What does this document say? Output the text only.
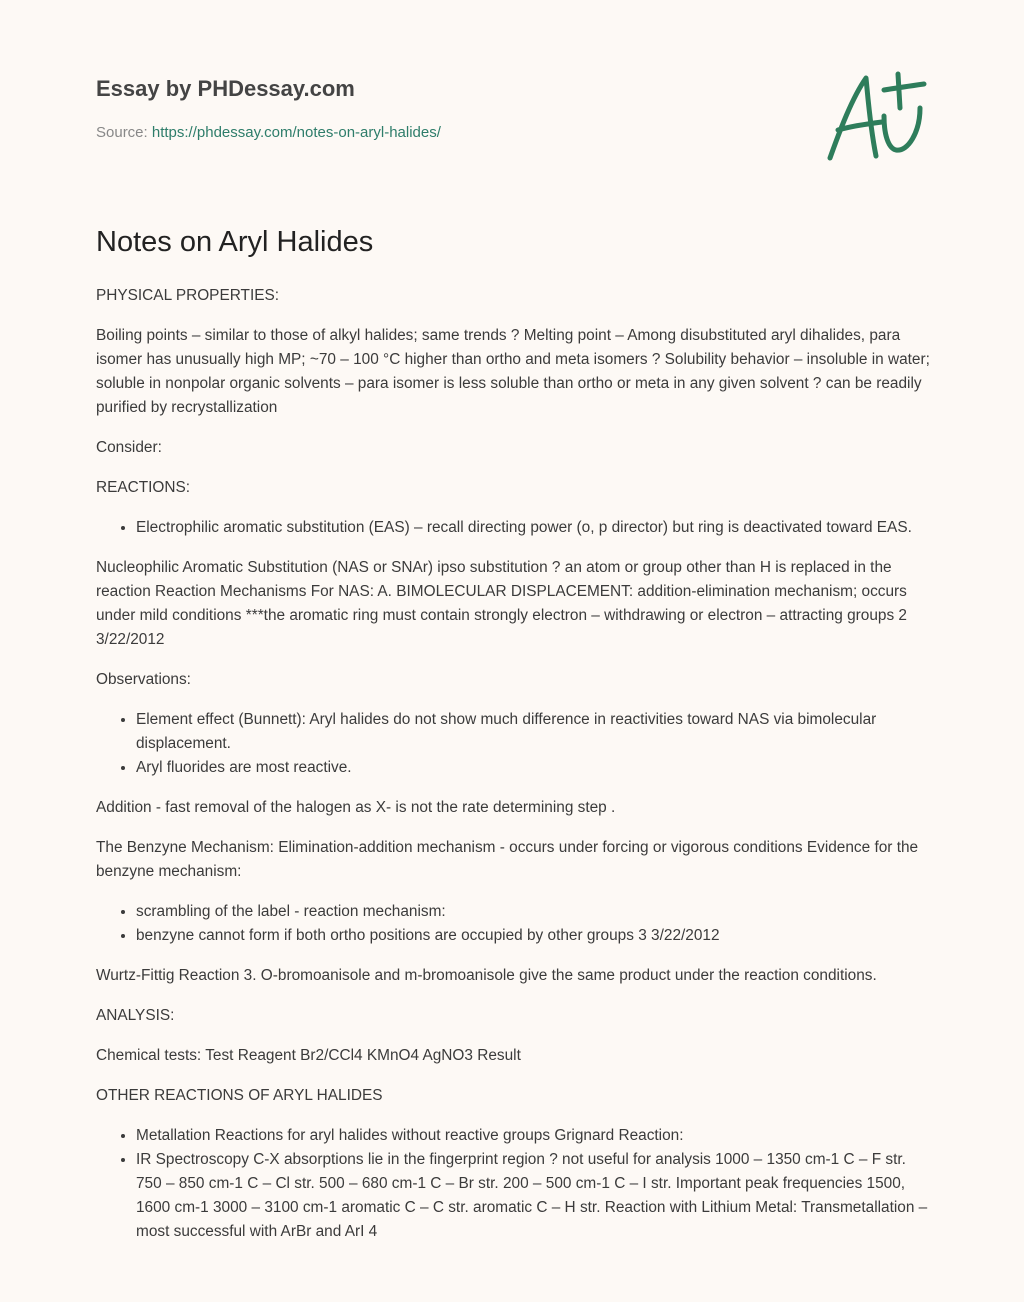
Essay by PHDessay.com
Source: https://phdessay.com/notes-on-aryl-halides/
Notes on Aryl Halides

PHYSICAL PROPERTIES:

Boiling points – similar to those of alkyl halides; same trends ? Melting point – Among disubstituted aryl dihalides, para isomer has unusually high MP; ~70 – 100 °C higher than ortho and meta isomers ? Solubility behavior – insoluble in water; soluble in nonpolar organic solvents – para isomer is less soluble than ortho or meta in any given solvent ? can be readily purified by recrystallization

Consider:

REACTIONS:

• Electrophilic aromatic substitution (EAS) – recall directing power (o, p director) but ring is deactivated toward EAS.

Nucleophilic Aromatic Substitution (NAS or SNAr) ipso substitution ? an atom or group other than H is replaced in the reaction Reaction Mechanisms For NAS: A. BIMOLECULAR DISPLACEMENT: addition-elimination mechanism; occurs under mild conditions ***the aromatic ring must contain strongly electron – withdrawing or electron – attracting groups 2 3/22/2012

Observations:

• Element effect (Bunnett): Aryl halides do not show much difference in reactivities toward NAS via bimolecular displacement.
• Aryl fluorides are most reactive.

Addition - fast removal of the halogen as X- is not the rate determining step .

The Benzyne Mechanism: Elimination-addition mechanism - occurs under forcing or vigorous conditions Evidence for the benzyne mechanism:

• scrambling of the label - reaction mechanism:
• benzyne cannot form if both ortho positions are occupied by other groups 3 3/22/2012

Wurtz-Fittig Reaction 3. O-bromoanisole and m-bromoanisole give the same product under the reaction conditions.

ANALYSIS:

Chemical tests: Test Reagent Br2/CCl4 KMnO4 AgNO3 Result

OTHER REACTIONS OF ARYL HALIDES

• Metallation Reactions for aryl halides without reactive groups Grignard Reaction:
• IR Spectroscopy C-X absorptions lie in the fingerprint region ? not useful for analysis 1000 – 1350 cm-1 C – F str. 750 – 850 cm-1 C – Cl str. 500 – 680 cm-1 C – Br str. 200 – 500 cm-1 C – I str. Important peak frequencies 1500, 1600 cm-1 3000 – 3100 cm-1 aromatic C – C str. aromatic C – H str. Reaction with Lithium Metal: Transmetallation – most successful with ArBr and ArI 4
